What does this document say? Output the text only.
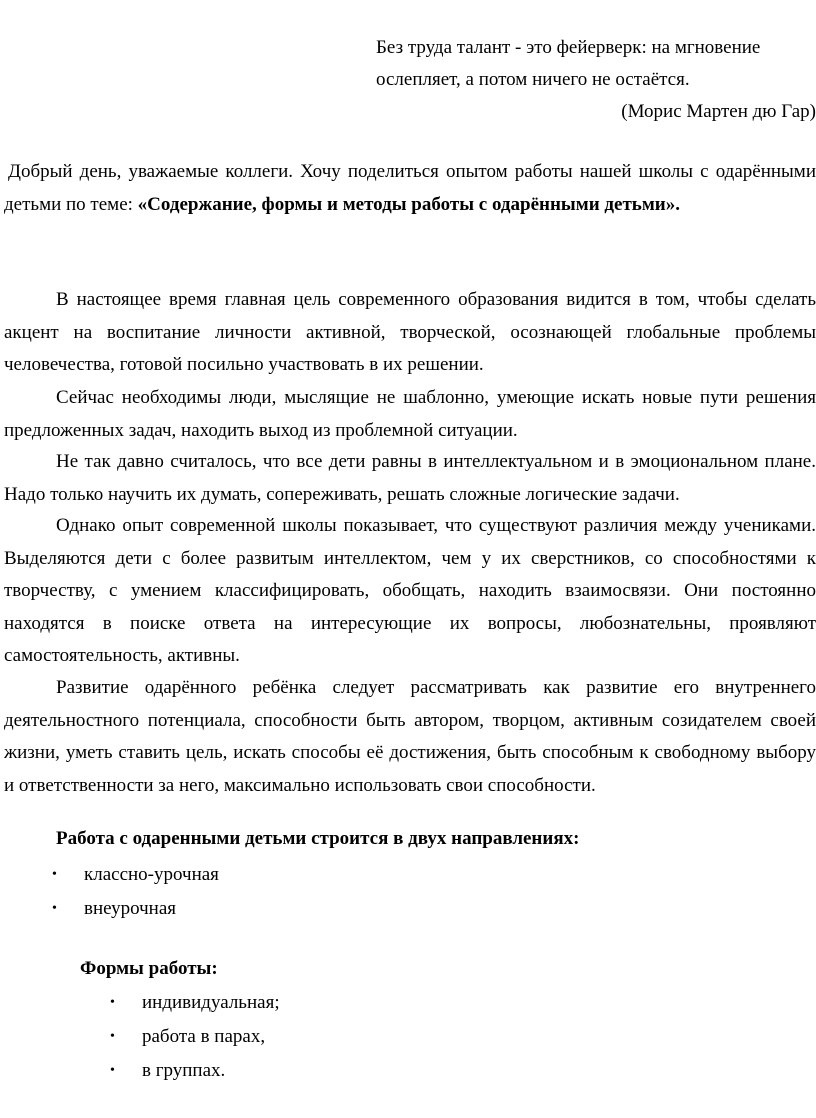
Без труда талант - это фейерверк: на мгновение
ослепляет, а потом ничего не остаётся.
(Морис Мартен дю Гар)
Добрый день, уважаемые коллеги. Хочу поделиться опытом работы нашей школы с одарёнными детьми по теме: «Содержание, формы и методы работы с одарёнными детьми».
В настоящее время главная цель современного образования видится в том, чтобы сделать акцент на воспитание личности активной, творческой, осознающей глобальные проблемы человечества, готовой посильно участвовать в их решении.
Сейчас необходимы люди, мыслящие не шаблонно, умеющие искать новые пути решения предложенных задач, находить выход из проблемной ситуации.
Не так давно считалось, что все дети равны в интеллектуальном и в эмоциональном плане. Надо только научить их думать, сопереживать, решать сложные логические задачи.
Однако опыт современной школы показывает, что существуют различия между учениками. Выделяются дети с более развитым интеллектом, чем у их сверстников, со способностями к творчеству, с умением классифицировать, обобщать, находить взаимосвязи. Они постоянно находятся в поиске ответа на интересующие их вопросы, любознательны, проявляют самостоятельность, активны.
Развитие одарённого ребёнка следует рассматривать как развитие его внутреннего деятельностного потенциала, способности быть автором, творцом, активным созидателем своей жизни, уметь ставить цель, искать способы её достижения, быть способным к свободному выбору и ответственности за него, максимально использовать свои способности.
Работа с одаренными детьми строится в двух направлениях:
• классно-урочная
• внеурочная
Формы работы:
• индивидуальная;
• работа в парах,
• в группах.
